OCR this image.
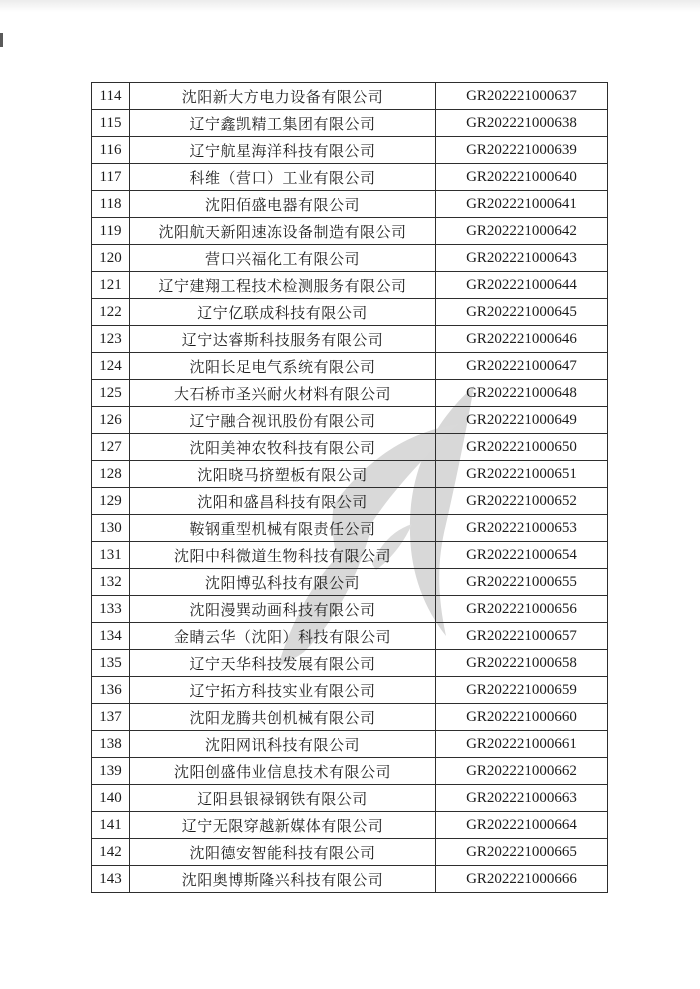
114	沈阳新大方电力设备有限公司	GR202221000637
115	辽宁鑫凯精工集团有限公司	GR202221000638
116	辽宁航星海洋科技有限公司	GR202221000639
117	科维（营口）工业有限公司	GR202221000640
118	沈阳佰盛电器有限公司	GR202221000641
119	沈阳航天新阳速冻设备制造有限公司	GR202221000642
120	营口兴福化工有限公司	GR202221000643
121	辽宁建翔工程技术检测服务有限公司	GR202221000644
122	辽宁亿联成科技有限公司	GR202221000645
123	辽宁达睿斯科技服务有限公司	GR202221000646
124	沈阳长足电气系统有限公司	GR202221000647
125	大石桥市圣兴耐火材料有限公司	GR202221000648
126	辽宁融合视讯股份有限公司	GR202221000649
127	沈阳美神农牧科技有限公司	GR202221000650
128	沈阳晓马挤塑板有限公司	GR202221000651
129	沈阳和盛昌科技有限公司	GR202221000652
130	鞍钢重型机械有限责任公司	GR202221000653
131	沈阳中科微道生物科技有限公司	GR202221000654
132	沈阳博弘科技有限公司	GR202221000655
133	沈阳漫巽动画科技有限公司	GR202221000656
134	金睛云华（沈阳）科技有限公司	GR202221000657
135	辽宁天华科技发展有限公司	GR202221000658
136	辽宁拓方科技实业有限公司	GR202221000659
137	沈阳龙腾共创机械有限公司	GR202221000660
138	沈阳网讯科技有限公司	GR202221000661
139	沈阳创盛伟业信息技术有限公司	GR202221000662
140	辽阳县银禄钢铁有限公司	GR202221000663
141	辽宁无限穿越新媒体有限公司	GR202221000664
142	沈阳德安智能科技有限公司	GR202221000665
143	沈阳奥博斯隆兴科技有限公司	GR202221000666
